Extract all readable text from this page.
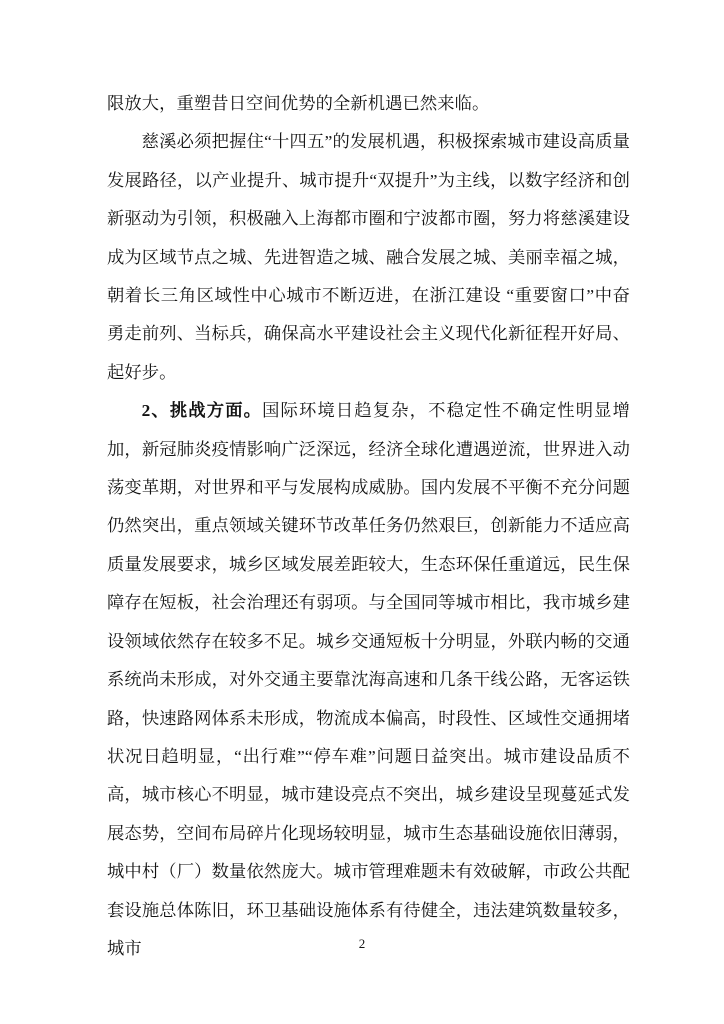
限放大，重塑昔日空间优势的全新机遇已然来临。

慈溪必须把握住“十四五”的发展机遇，积极探索城市建设高质量发展路径，以产业提升、城市提升“双提升”为主线，以数字经济和创新驱动为引领，积极融入上海都市圈和宁波都市圈，努力将慈溪建设成为区域节点之城、先进智造之城、融合发展之城、美丽幸福之城，朝着长三角区域性中心城市不断迈进，在浙江建设 “重要窗口”中奋勇走前列、当标兵，确保高水平建设社会主义现代化新征程开好局、起好步。

2、挑战方面。国际环境日趋复杂，不稳定性不确定性明显增加，新冠肺炎疫情影响广泛深远，经济全球化遭遇逆流，世界进入动荡变革期，对世界和平与发展构成威胁。国内发展不平衡不充分问题仍然突出，重点领域关键环节改革任务仍然艰巨，创新能力不适应高质量发展要求，城乡区域发展差距较大，生态环保任重道远，民生保障存在短板，社会治理还有弱项。与全国同等城市相比，我市城乡建设领域依然存在较多不足。城乡交通短板十分明显，外联内畅的交通系统尚未形成，对外交通主要靠沈海高速和几条干线公路，无客运铁路，快速路网体系未形成，物流成本偏高，时段性、区域性交通拥堵状况日趋明显，“出行难”“停车难”问题日益突出。城市建设品质不高，城市核心不明显，城市建设亮点不突出，城乡建设呈现蔓延式发展态势，空间布局碎片化现场较明显，城市生态基础设施依旧薄弱，城中村（厂）数量依然庞大。城市管理难题未有效破解，市政公共配套设施总体陈旧，环卫基础设施体系有待健全，违法建筑数量较多，城市	2
